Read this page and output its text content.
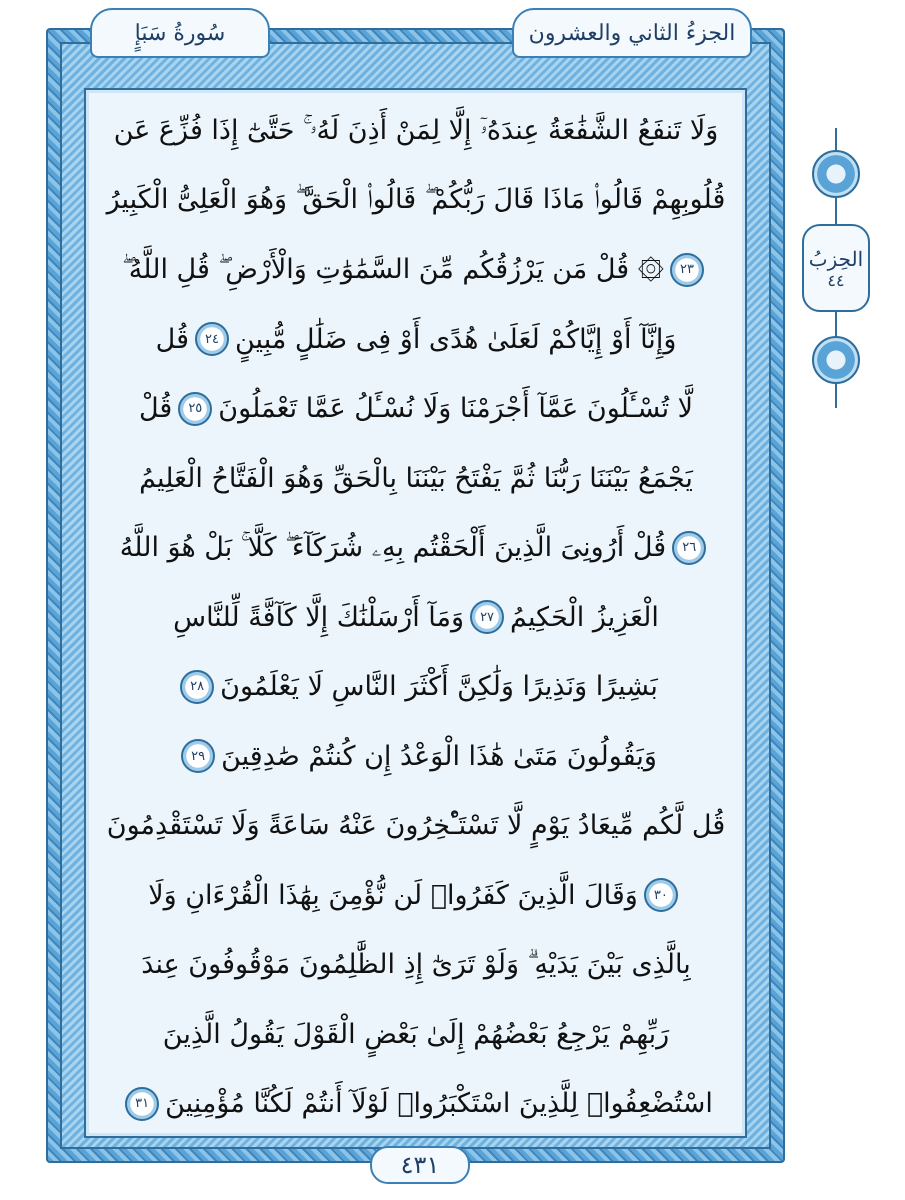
الجزءُ الثاني والعشرون
سُورةُ سَبَإٍ
وَلَا تَنفَعُ الشَّفَٰعَةُ عِندَهُۥٓ إِلَّا لِمَنْ أَذِنَ لَهُۥ ۚ حَتَّىٰٓ إِذَا فُزِّعَ عَن
قُلُوبِهِمْ قَالُوا۟ مَاذَا قَالَ رَبُّكُمْ ۖ قَالُوا۟ الْحَقَّ ۖ وَهُوَ الْعَلِىُّ الْكَبِيرُ
٢٣
۞ قُلْ مَن يَرْزُقُكُم مِّنَ السَّمَٰوَٰتِ وَالْأَرْضِ ۖ قُلِ اللَّهُ ۖ
وَإِنَّآ أَوْ إِيَّاكُمْ لَعَلَىٰ هُدًى أَوْ فِى ضَلَٰلٍ مُّبِينٍ
٢٤
قُل
لَّا تُسْـَٔلُونَ عَمَّآ أَجْرَمْنَا وَلَا نُسْـَٔلُ عَمَّا تَعْمَلُونَ
٢٥
قُلْ
يَجْمَعُ بَيْنَنَا رَبُّنَا ثُمَّ يَفْتَحُ بَيْنَنَا بِالْحَقِّ وَهُوَ الْفَتَّاحُ الْعَلِيمُ
٢٦
قُلْ أَرُونِىَ الَّذِينَ أَلْحَقْتُم بِهِۦ شُرَكَآءَ ۖ كَلَّا ۚ بَلْ هُوَ اللَّهُ
الْعَزِيزُ الْحَكِيمُ
٢٧
وَمَآ أَرْسَلْنَٰكَ إِلَّا كَآفَّةً لِّلنَّاسِ
بَشِيرًا وَنَذِيرًا وَلَٰكِنَّ أَكْثَرَ النَّاسِ لَا يَعْلَمُونَ
٢٨
وَيَقُولُونَ مَتَىٰ هَٰذَا الْوَعْدُ إِن كُنتُمْ صَٰدِقِينَ
٢٩
قُل لَّكُم مِّيعَادُ يَوْمٍ لَّا تَسْتَـْٔخِرُونَ عَنْهُ سَاعَةً وَلَا تَسْتَقْدِمُونَ
٣٠
وَقَالَ الَّذِينَ كَفَرُوا۟ لَن نُّؤْمِنَ بِهَٰذَا الْقُرْءَانِ وَلَا
بِالَّذِى بَيْنَ يَدَيْهِ ۗ وَلَوْ تَرَىٰٓ إِذِ الظَّٰلِمُونَ مَوْقُوفُونَ عِندَ
رَبِّهِمْ يَرْجِعُ بَعْضُهُمْ إِلَىٰ بَعْضٍ الْقَوْلَ يَقُولُ الَّذِينَ
اسْتُضْعِفُوا۟ لِلَّذِينَ اسْتَكْبَرُوا۟ لَوْلَآ أَنتُمْ لَكُنَّا مُؤْمِنِينَ
٣١
٤٣١
الحِزبُ
٤٤
